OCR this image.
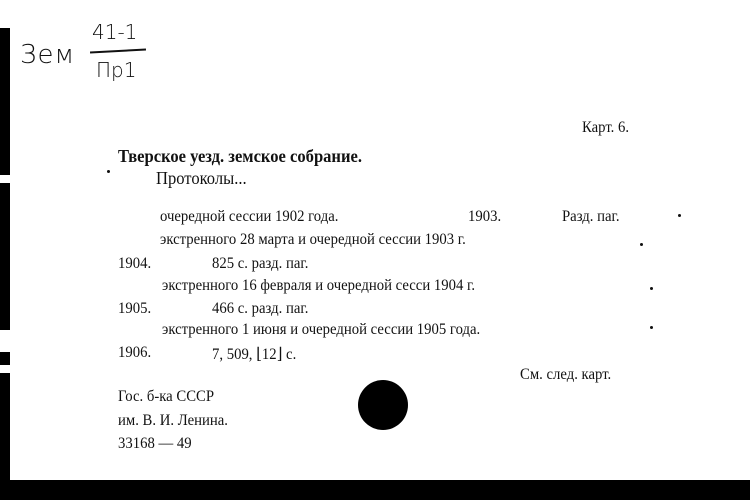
Карт. 6.
Тверское уезд. земское собрание.
Протоколы...
очередной сессии 1902 года.	1903.	Разд. паг.
экстренного 28 марта и очередной сессии 1903 г.
1904.	825 с. разд. паг.
экстренного 16 февраля и очередной сесси 1904 г.
1905.	466 с. разд. паг.
экстренного 1 июня и очередной сессии 1905 года.
1906.	7, 509, ⌊12⌋ с.
См. след. карт.
Гос. б-ка СССР
им. В. И. Ленина.
33168 — 49
Зем
41-1
Пр1
